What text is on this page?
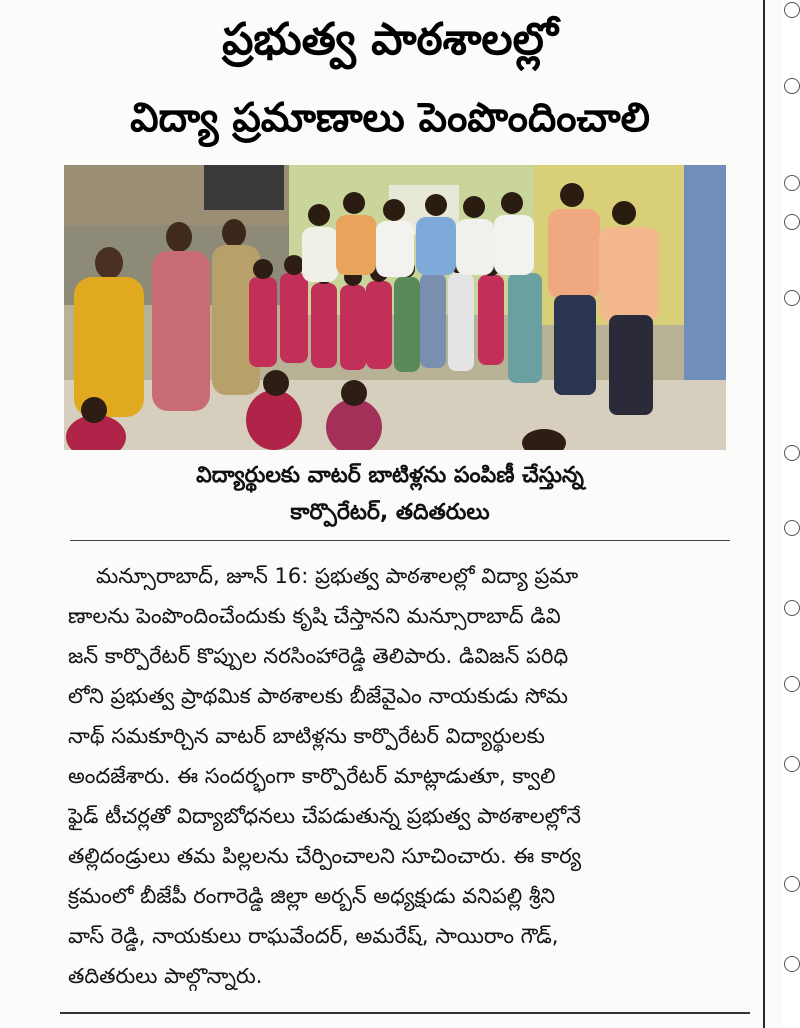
ప్రభుత్వ పాఠశాలల్లో
విద్యా ప్రమాణాలు పెంపొందించాలి
విద్యార్థులకు వాటర్ బాటిళ్లను పంపిణీ చేస్తున్న
కార్పొరేటర్, తదితరులు
మన్సూరాబాద్, జూన్ 16: ప్రభుత్వ పాఠశాలల్లో విద్యా ప్రమా
ణాలను పెంపొందించేందుకు కృషి చేస్తానని మన్సూరాబాద్ డివి
జన్ కార్పొరేటర్ కొప్పుల నరసింహారెడ్డి తెలిపారు. డివిజన్ పరిధి
లోని ప్రభుత్వ ప్రాథమిక పాఠశాలకు బీజేవైఎం నాయకుడు సోమ
నాథ్ సమకూర్చిన వాటర్ బాటిళ్లను కార్పొరేటర్ విద్యార్థులకు
అందజేశారు. ఈ సందర్భంగా కార్పొరేటర్ మాట్లాడుతూ, క్వాలి
ఫైడ్ టీచర్లతో విద్యాబోధనలు చేపడుతున్న ప్రభుత్వ పాఠశాలల్లోనే
తల్లిదండ్రులు తమ పిల్లలను చేర్పించాలని సూచించారు. ఈ కార్య
క్రమంలో బీజేపీ రంగారెడ్డి జిల్లా అర్బన్ అధ్యక్షుడు వనిపల్లి శ్రీని
వాస్ రెడ్డి, నాయకులు రాఘవేందర్, అమరేష్, సాయిరాం గౌడ్,
తదితరులు పాల్గొన్నారు.
